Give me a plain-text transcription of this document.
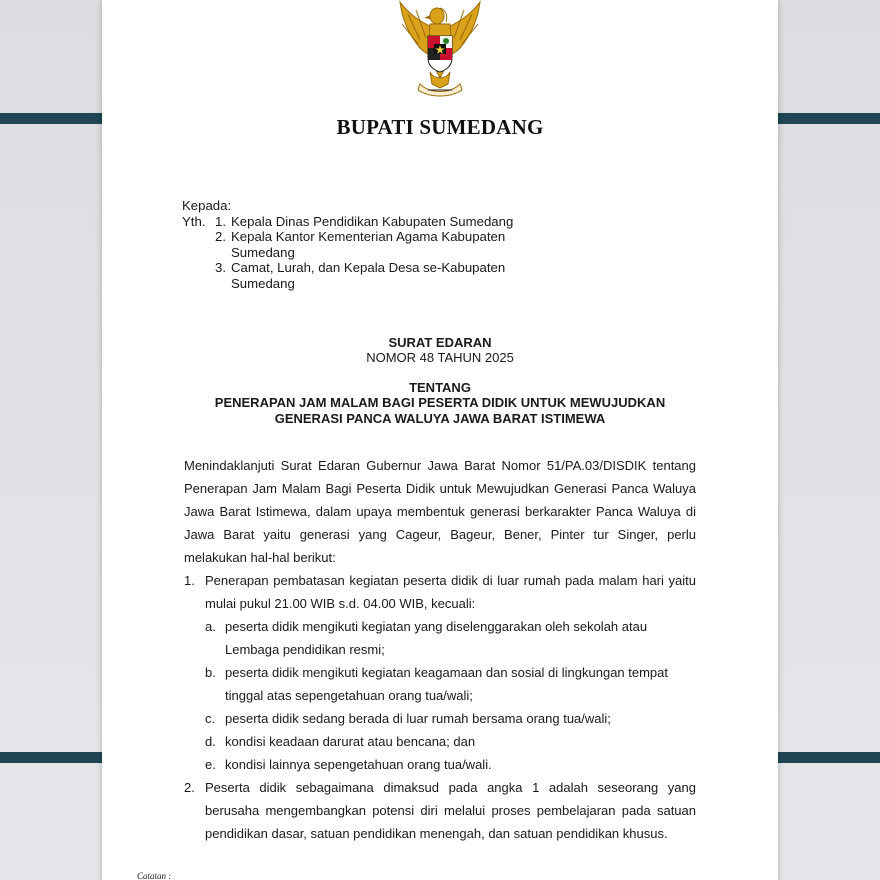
BUPATI SUMEDANG
Kepada:
Yth. 1. Kepala Dinas Pendidikan Kabupaten Sumedang
2. Kepala Kantor Kementerian Agama Kabupaten
Sumedang
3. Camat, Lurah, dan Kepala Desa se-Kabupaten
Sumedang
SURAT EDARAN
NOMOR 48 TAHUN 2025
TENTANG
PENERAPAN JAM MALAM BAGI PESERTA DIDIK UNTUK MEWUJUDKAN
GENERASI PANCA WALUYA JAWA BARAT ISTIMEWA

Menindaklanjuti Surat Edaran Gubernur Jawa Barat Nomor 51/PA.03/DISDIK tentang Penerapan Jam Malam Bagi Peserta Didik untuk Mewujudkan Generasi Panca Waluya Jawa Barat Istimewa, dalam upaya membentuk generasi berkarakter Panca Waluya di Jawa Barat yaitu generasi yang Cageur, Bageur, Bener, Pinter tur Singer, perlu melakukan hal-hal berikut:

1. Penerapan pembatasan kegiatan peserta didik di luar rumah pada malam hari yaitu mulai pukul 21.00 WIB s.d. 04.00 WIB, kecuali:
a. peserta didik mengikuti kegiatan yang diselenggarakan oleh sekolah atau Lembaga pendidikan resmi;
b. peserta didik mengikuti kegiatan keagamaan dan sosial di lingkungan tempat tinggal atas sepengetahuan orang tua/wali;
c. peserta didik sedang berada di luar rumah bersama orang tua/wali;
d. kondisi keadaan darurat atau bencana; dan
e. kondisi lainnya sepengetahuan orang tua/wali.
2. Peserta didik sebagaimana dimaksud pada angka 1 adalah seseorang yang berusaha mengembangkan potensi diri melalui proses pembelajaran pada satuan pendidikan dasar, satuan pendidikan menengah, dan satuan pendidikan khusus.
Catatan :
